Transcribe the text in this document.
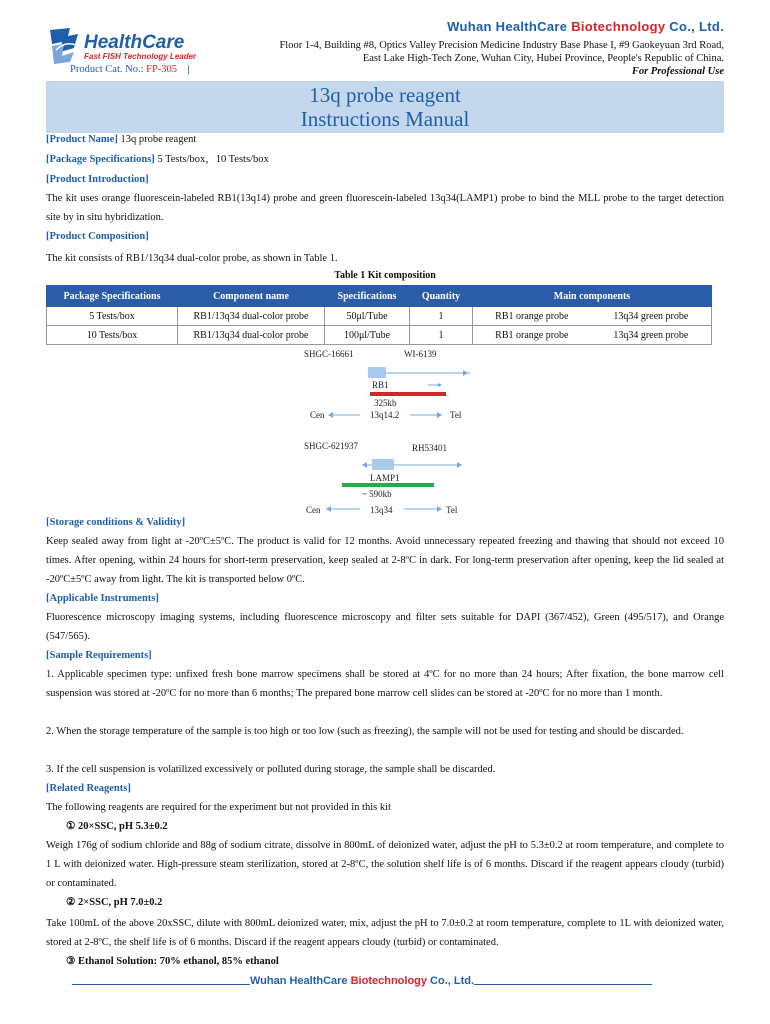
Wuhan HealthCare Biotechnology Co., Ltd.
Floor 1-4, Building #8, Optics Valley Precision Medicine Industry Base Phase I, #9 Gaokeyuan 3rd Road,
East Lake High-Tech Zone, Wuhan City, Hubei Province, People's Republic of China.
For Professional Use
HealthCare
Fast FISH Technology Leader
Product Cat. No.: FP-305 |
13q probe reagent
Instructions Manual
[Product Name] 13q probe reagent
[Package Specifications] 5 Tests/box，10 Tests/box
[Product Introduction]
The kit uses orange fluorescein-labeled RB1(13q14) probe and green fluorescein-labeled 13q34(LAMP1) probe to bind the MLL probe to the target detection site by in situ hybridization.
[Product Composition]
The kit consists of RB1/13q34 dual-color probe, as shown in Table 1.
Table 1 Kit composition
Package Specifications	Component name	Specifications	Quantity	Main components	
5 Tests/box	RB1/13q34 dual-color probe	50μl/Tube	1	RB1 orange probe	13q34 green probe
10 Tests/box	RB1/13q34 dual-color probe	100μl/Tube	1	RB1 orange probe	13q34 green probe
SHGC-16661	WI-6139
RB1
325kb
Cen	13q14.2	Tel
SHGC-621937	RH53401
LAMP1
~ 590kb
Cen	13q34	Tel
[Storage conditions & Validity]
Keep sealed away from light at -20ºC±5ºC. The product is valid for 12 months. Avoid unnecessary repeated freezing and thawing that should not exceed 10 times. After opening, within 24 hours for short-term preservation, keep sealed at 2-8ºC in dark. For long-term preservation after opening, keep the lid sealed at -20ºC±5ºC away from light. The kit is transported below 0ºC.
[Applicable Instruments]
Fluorescence microscopy imaging systems, including fluorescence microscopy and filter sets suitable for DAPI (367/452), Green (495/517), and Orange (547/565).
[Sample Requirements]
1. Applicable specimen type: unfixed fresh bone marrow specimens shall be stored at 4ºC for no more than 24 hours; After fixation, the bone marrow cell suspension was stored at -20ºC for no more than 6 months; The prepared bone marrow cell slides can be stored at -20ºC for no more than 1 month.
2. When the storage temperature of the sample is too high or too low (such as freezing), the sample will not be used for testing and should be discarded.
3. If the cell suspension is volatilized excessively or polluted during storage, the sample shall be discarded.
[Related Reagents]
The following reagents are required for the experiment but not provided in this kit
① 20×SSC, pH 5.3±0.2
Weigh 176g of sodium chloride and 88g of sodium citrate, dissolve in 800mL of deionized water, adjust the pH to 5.3±0.2 at room temperature, and complete to 1 L with deionized water. High-pressure steam sterilization, stored at 2-8ºC, the solution shelf life is of 6 months. Discard if the reagent appears cloudy (turbid) or contaminated.
② 2×SSC, pH 7.0±0.2
Take 100mL of the above 20xSSC, dilute with 800mL deionized water, mix, adjust the pH to 7.0±0.2 at room temperature, complete to 1L with deionized water, stored at 2-8ºC, the shelf life is of 6 months. Discard if the reagent appears cloudy (turbid) or contaminated.
③ Ethanol Solution: 70% ethanol, 85% ethanol
Wuhan HealthCare Biotechnology Co., Ltd.
